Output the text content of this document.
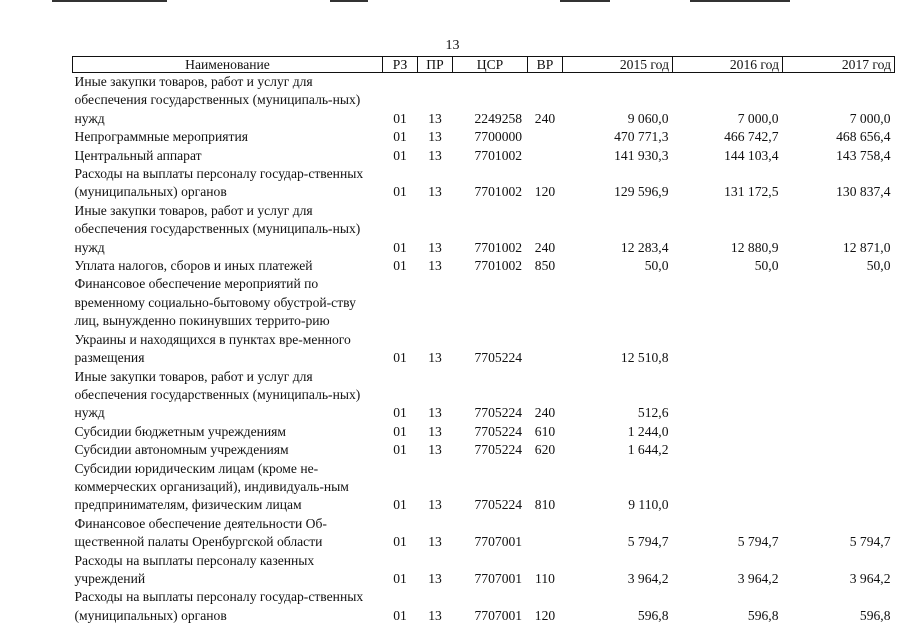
13
Наименование	РЗ	ПР	ЦСР	ВР	2015 год	2016 год	2017 год
Иные закупки товаров, работ и услуг для обеспечения государственных (муниципаль-ных) нужд	01	13	2249258	240	9 060,0	7 000,0	7 000,0
Непрограммные мероприятия	01	13	7700000		470 771,3	466 742,7	468 656,4
Центральный аппарат	01	13	7701002		141 930,3	144 103,4	143 758,4
Расходы на выплаты персоналу государ-ственных (муниципальных) органов	01	13	7701002	120	129 596,9	131 172,5	130 837,4
Иные закупки товаров, работ и услуг для обеспечения государственных (муниципаль-ных) нужд	01	13	7701002	240	12 283,4	12 880,9	12 871,0
Уплата налогов, сборов и иных платежей	01	13	7701002	850	50,0	50,0	50,0
Финансовое обеспечение мероприятий по временному социально-бытовому обустрой-ству лиц, вынужденно покинувших террито-рию Украины и находящихся в пунктах вре-менного размещения	01	13	7705224		12 510,8		
Иные закупки товаров, работ и услуг для обеспечения государственных (муниципаль-ных) нужд	01	13	7705224	240	512,6		
Субсидии бюджетным учреждениям	01	13	7705224	610	1 244,0		
Субсидии автономным учреждениям	01	13	7705224	620	1 644,2		
Субсидии юридическим лицам (кроме не-коммерческих организаций), индивидуаль-ным предпринимателям, физическим лицам	01	13	7705224	810	9 110,0		
Финансовое обеспечение деятельности Об-щественной палаты Оренбургской области	01	13	7707001		5 794,7	5 794,7	5 794,7
Расходы на выплаты персоналу казенных учреждений	01	13	7707001	110	3 964,2	3 964,2	3 964,2
Расходы на выплаты персоналу государ-ственных (муниципальных) органов	01	13	7707001	120	596,8	596,8	596,8
